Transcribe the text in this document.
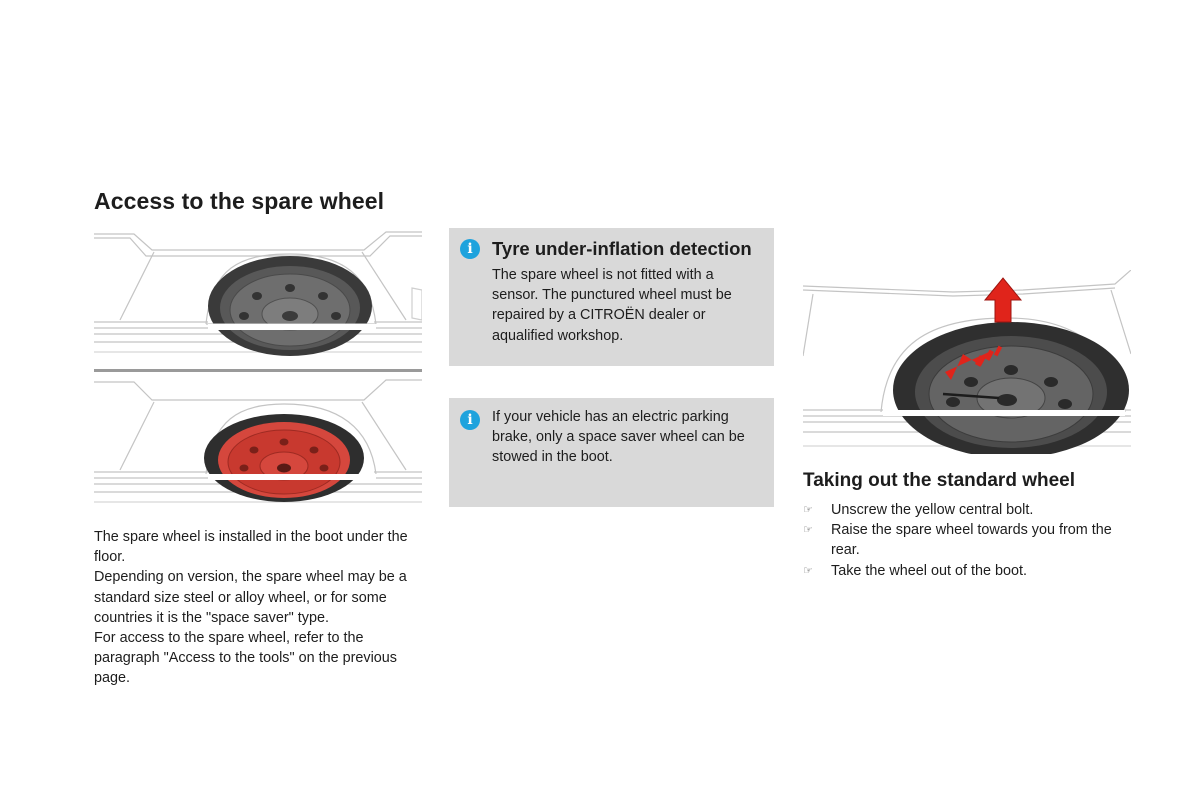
Access to the spare wheel

The spare wheel is installed in the boot under the floor.

Depending on version, the spare wheel may be a standard size steel or alloy wheel, or for some countries it is the "space saver" type.

For access to the spare wheel, refer to the paragraph "Access to the tools" on the previous page.

i	Tyre under-inflation detection
The spare wheel is not fitted with a sensor. The punctured wheel must be repaired by a CITROËN dealer or aqualified workshop.
i	If your vehicle has an electric parking brake, only a space saver wheel can be stowed in the boot.
Taking out the standard wheel
☞ Unscrew the yellow central bolt.
☞ Raise the spare wheel towards you from the rear.
☞ Take the wheel out of the boot.
